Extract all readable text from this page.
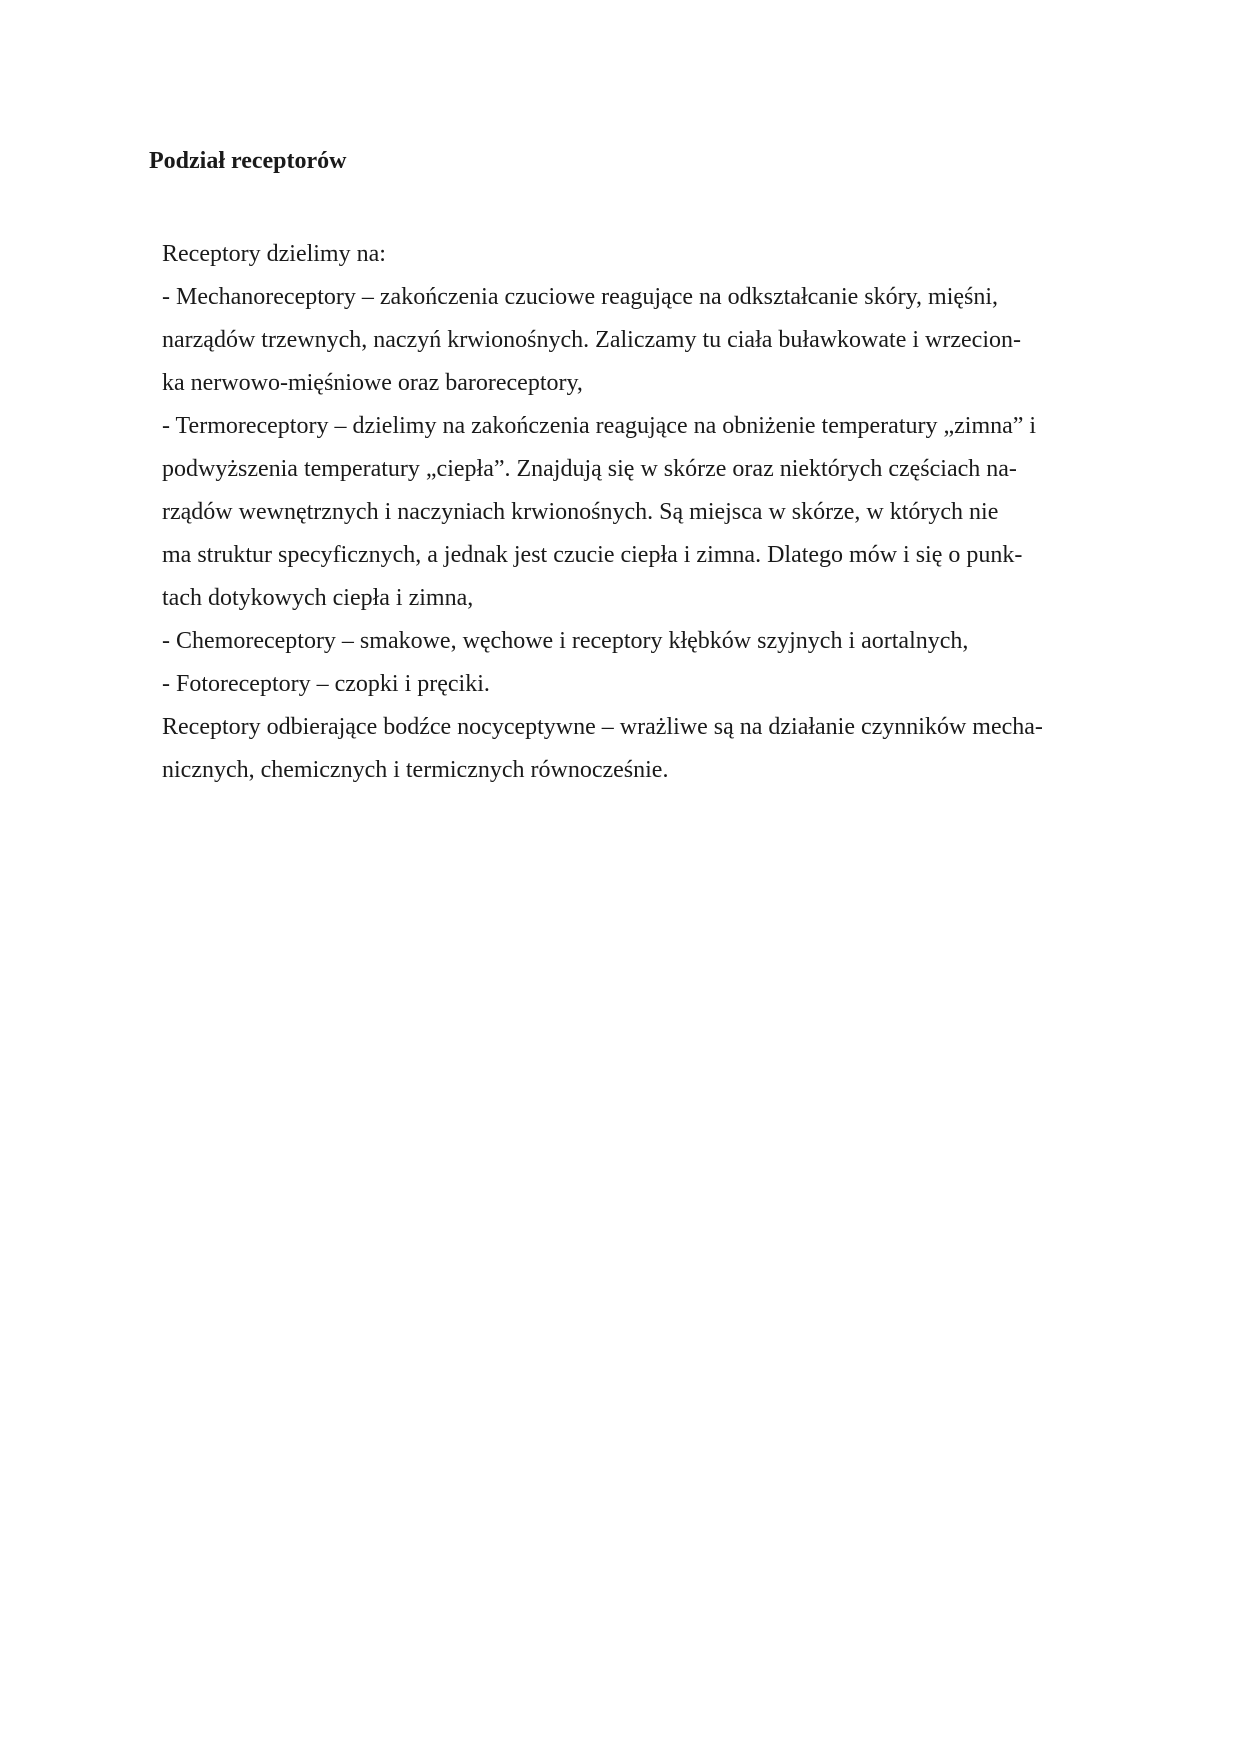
Podział receptorów
Receptory dzielimy na:
- Mechanoreceptory – zakończenia czuciowe reagujące na odkształcanie skóry, mięśni,
narządów trzewnych, naczyń krwionośnych. Zaliczamy tu ciała buławkowate i wrzecion-
ka nerwowo-mięśniowe oraz baroreceptory,
- Termoreceptory – dzielimy na zakończenia reagujące na obniżenie temperatury „zimna” i
podwyższenia temperatury „ciepła”. Znajdują się w skórze oraz niektórych częściach na-
rządów wewnętrznych i naczyniach krwionośnych. Są miejsca w skórze, w których nie
ma struktur specyficznych, a jednak jest czucie ciepła i zimna. Dlatego mów i się o punk-
tach dotykowych ciepła i zimna,
- Chemoreceptory – smakowe, węchowe i receptory kłębków szyjnych i aortalnych,
- Fotoreceptory – czopki i pręciki.
Receptory odbierające bodźce nocyceptywne – wrażliwe są na działanie czynników mecha-
nicznych, chemicznych i termicznych równocześnie.
